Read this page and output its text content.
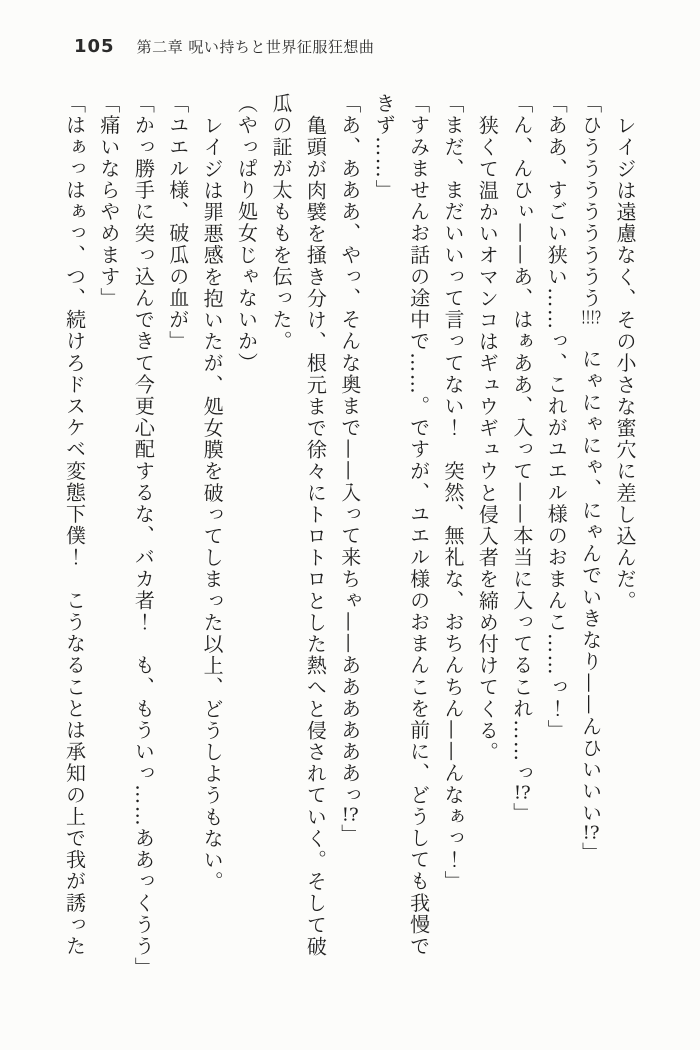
105 第二章 呪い持ちと世界征服狂想曲
レイジは遠慮なく、その小さな蜜穴に差し込んだ。
「ひうううううううう!!!?　にゃにゃにゃ、にゃんでいきなり——んひいいい!?」
「ああ、すごい狭い……っ、これがユエル様のおまんこ……っ！」
「ん、んひぃ——あ、はぁああ、入って——本当に入ってるこれ……っ!?」
狭くて温かいオマンコはギュウギュウと侵入者を締め付けてくる。
「まだ、まだいいって言ってない！　突然、無礼な、おちんちん——んなぁっ！」
「すみませんお話の途中で……。ですが、ユエル様のおまんこを前に、どうしても我慢で
きず……」
「あ、あああ、やっ、そんな奥まで——入って来ちゃ——ああああああっ!?」
亀頭が肉襞を掻き分け、根元まで徐々にトロトロとした熱へと侵されていく。そして破
瓜の証が太ももを伝った。
（やっぱり処女じゃないか）
レイジは罪悪感を抱いたが、処女膜を破ってしまった以上、どうしようもない。
「ユエル様、破瓜の血が」
「かっ勝手に突っ込んできて今更心配するな、バカ者！　も、もういっ……ああっくうう」
「痛いならやめます」
「はぁっはぁっ、つ、続けろドスケベ変態下僕！　こうなることは承知の上で我が誘った
